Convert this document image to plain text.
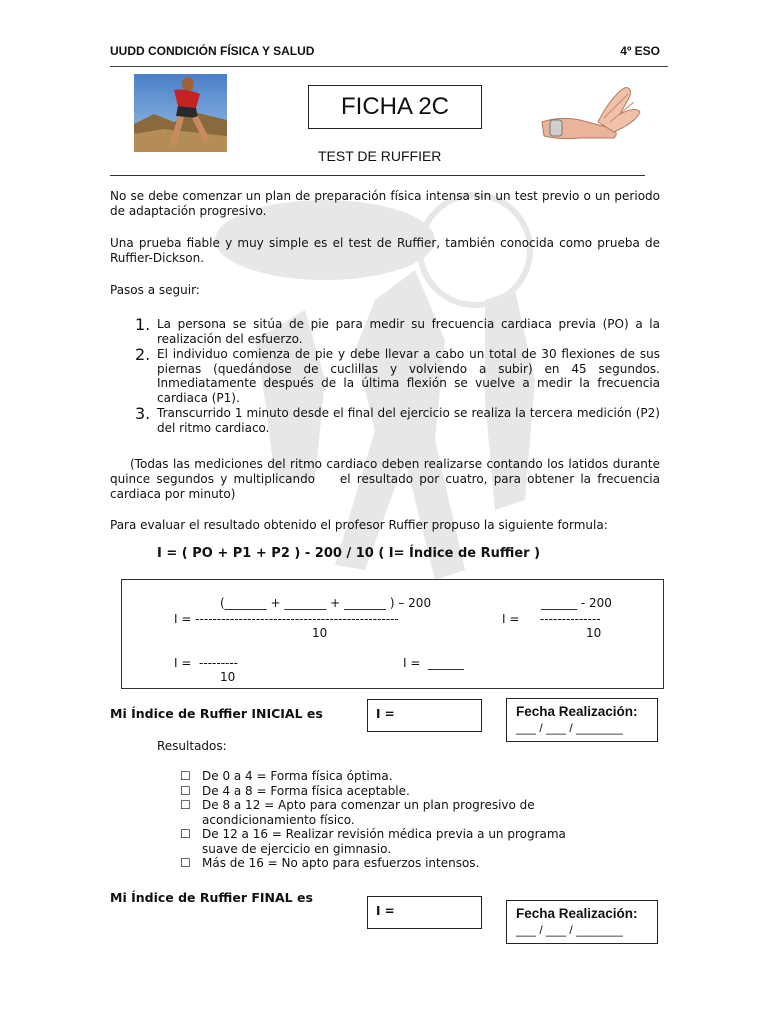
UUDD CONDICIÓN FÍSICA Y SALUD	4º ESO
FICHA 2C
TEST DE RUFFIER
No se debe comenzar un plan de preparación física intensa sin un test previo o un periodo de adaptación progresivo.
Una prueba fiable y muy simple es el test de Ruffier, también conocida como prueba de Ruffier-Dickson.
Pasos a seguir:
1. La persona se sitúa de pie para medir su frecuencia cardiaca previa (PO) a la realización del esfuerzo.
2. El individuo comienza de pie y debe llevar a cabo un total de 30 flexiones de sus piernas (quedándose de cuclillas y volviendo a subir) en 45 segundos. Inmediatamente después de la última flexión se vuelve a medir la frecuencia cardiaca (P1).
3. Transcurrido 1 minuto desde el final del ejercicio se realiza la tercera medición (P2) del ritmo cardiaco.
(Todas las mediciones del ritmo cardiaco deben realizarse contando los latidos durante quince segundos y multiplicando    el resultado por cuatro, para obtener la frecuencia cardiaca por minuto)
Para evaluar el resultado obtenido el profesor Ruffier propuso la siguiente formula:
I = ( PO + P1 + P2 ) - 200 / 10 ( I= Índice de Ruffier )
(_______ + _______ + _______ ) – 200
I = -----------------------------------------------
10
______ - 200
I = --------------
10
I =  ---------
10
I =  ______
Mi Índice de Ruffier INICIAL es	I =	Fecha Realización:
___ / ___ / _______
Resultados:
☐ De 0 a 4 = Forma física óptima.
☐ De 4 a 8 = Forma física aceptable.
☐ De 8 a 12 = Apto para comenzar un plan progresivo de acondicionamiento físico.
☐ De 12 a 16 = Realizar revisión médica previa a un programa suave de ejercicio en gimnasio.
☐ Más de 16 = No apto para esfuerzos intensos.
Mi Índice de Ruffier FINAL es
I =	Fecha Realización:
___ / ___ / _______
